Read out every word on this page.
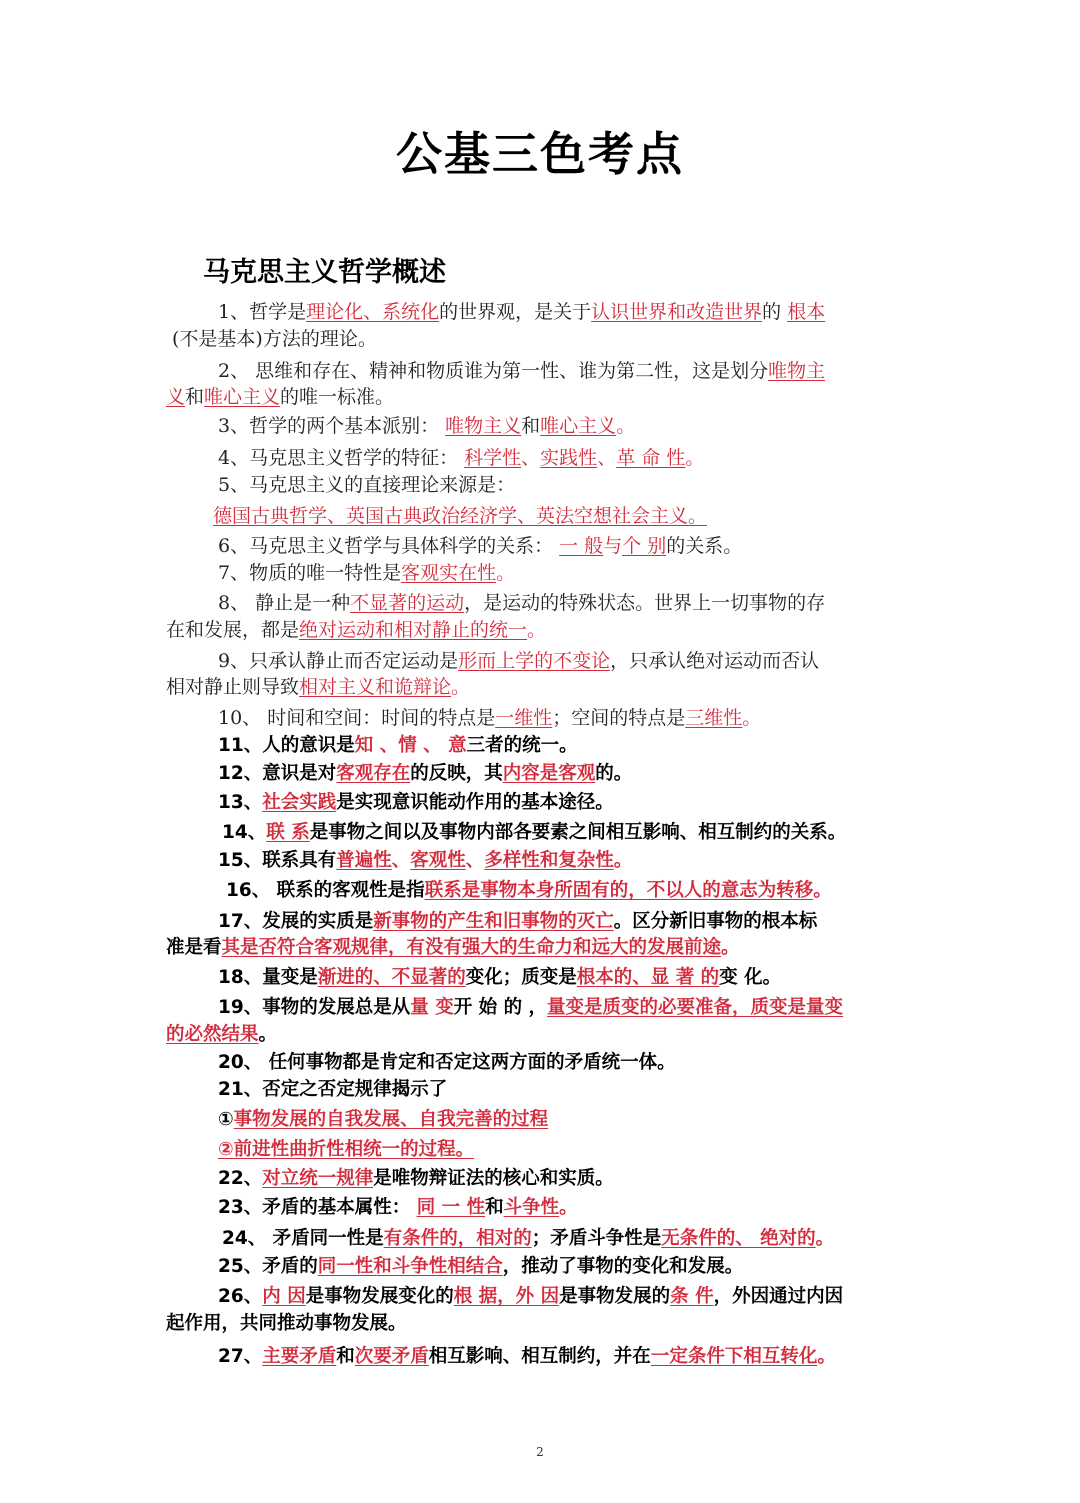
公基三色考点
马克思主义哲学概述
1、哲学是理论化、系统化的世界观，是关于认识世界和改造世界的 根本
(不是基本)方法的理论。
2、 思维和存在、精神和物质谁为第一性、谁为第二性，这是划分唯物主
义和唯心主义的唯一标准。
3、哲学的两个基本派别： 唯物主义和唯心主义。
4、马克思主义哲学的特征： 科学性、实践性、革 命 性。
5、马克思主义的直接理论来源是：
德国古典哲学、英国古典政治经济学、英法空想社会主义。
6、马克思主义哲学与具体科学的关系： 一 般与个 别的关系。
7、物质的唯一特性是客观实在性。
8、 静止是一种不显著的运动，是运动的特殊状态。世界上一切事物的存
在和发展，都是绝对运动和相对静止的统一。
9、只承认静止而否定运动是形而上学的不变论，只承认绝对运动而否认
相对静止则导致相对主义和诡辩论。
10、 时间和空间：时间的特点是一维性；空间的特点是三维性。
11、人的意识是知 、情 、 意三者的统一。
12、意识是对客观存在的反映，其内容是客观的。
13、社会实践是实现意识能动作用的基本途径。
14、联 系是事物之间以及事物内部各要素之间相互影响、相互制约的关系。
15、联系具有普遍性、客观性、多样性和复杂性。
16、 联系的客观性是指联系是事物本身所固有的，不以人的意志为转移。
17、发展的实质是新事物的产生和旧事物的灭亡。区分新旧事物的根本标
准是看其是否符合客观规律，有没有强大的生命力和远大的发展前途。
18、量变是渐进的、不显著的变化；质变是根本的、显 著 的变 化。
19、事物的发展总是从量 变开 始 的 ，量变是质变的必要准备，质变是量变
的必然结果。
20、 任何事物都是肯定和否定这两方面的矛盾统一体。
21、否定之否定规律揭示了
①事物发展的自我发展、自我完善的过程
②前进性曲折性相统一的过程。
22、对立统一规律是唯物辩证法的核心和实质。
23、矛盾的基本属性： 同 一 性和斗争性。
24、 矛盾同一性是有条件的，相对的；矛盾斗争性是无条件的、 绝对的。
25、矛盾的同一性和斗争性相结合，推动了事物的变化和发展。
26、内 因是事物发展变化的根 据，外 因是事物发展的条 件，外因通过内因
起作用，共同推动事物发展。
27、主要矛盾和次要矛盾相互影响、相互制约，并在一定条件下相互转化。
2
